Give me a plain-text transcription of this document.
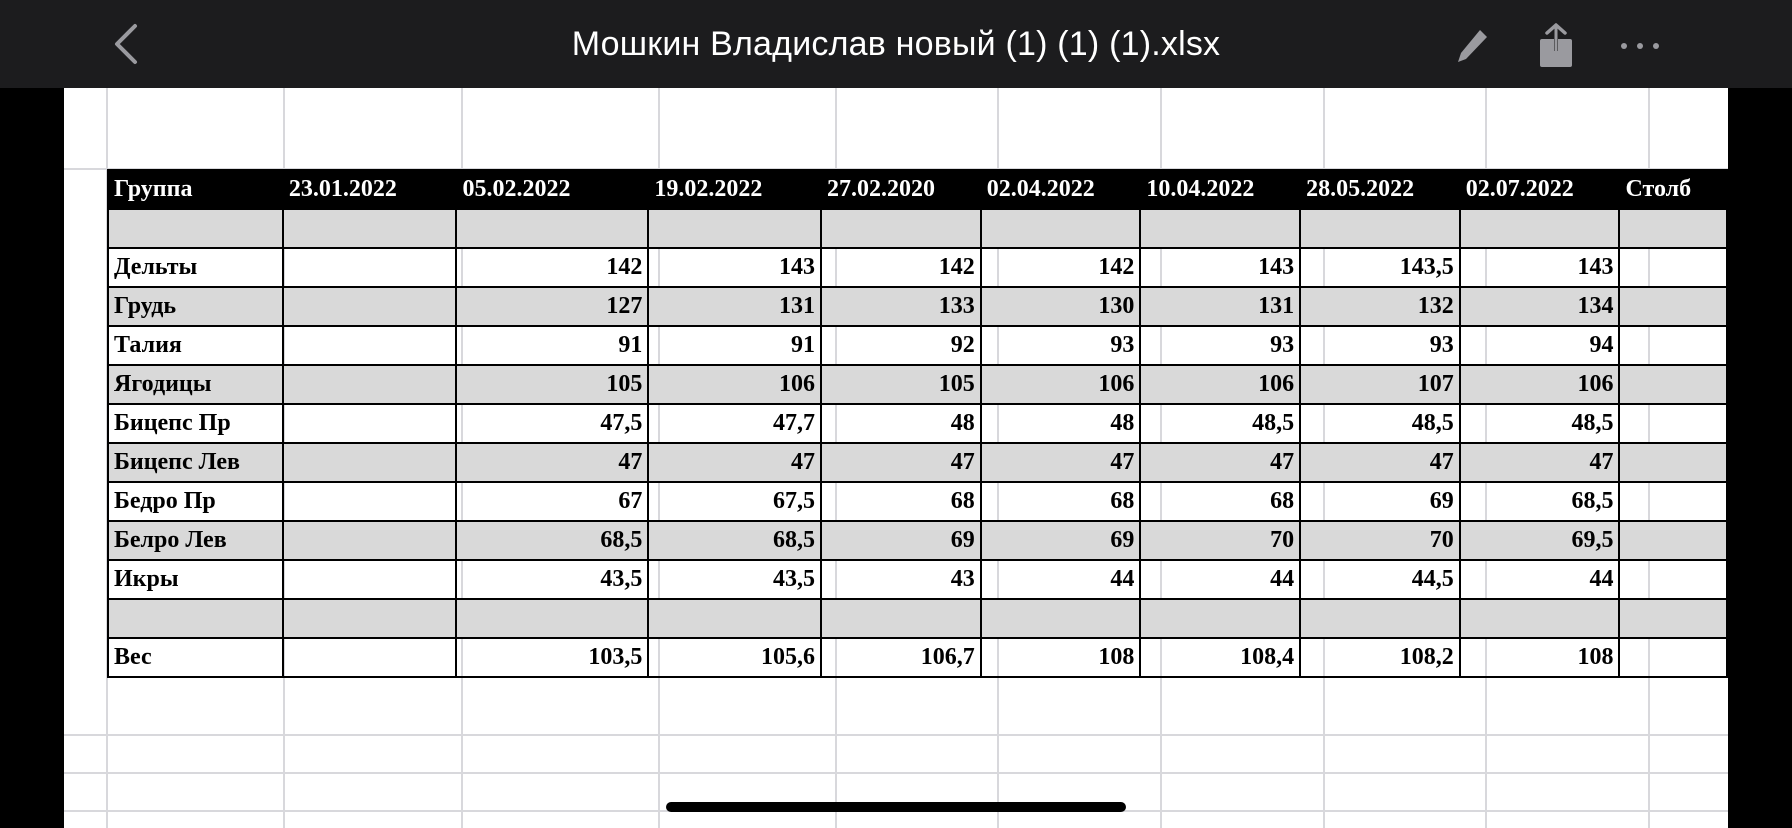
Мошкин Владислав новый (1) (1) (1).xlsx
Группа	23.01.2022	05.02.2022	19.02.2022	27.02.2020	02.04.2022	10.04.2022	28.05.2022	02.07.2022	Столб

Дельты		142	143	142	142	143	143,5	143	
Грудь		127	131	133	130	131	132	134	
Талия		91	91	92	93	93	93	94	
Ягодицы		105	106	105	106	106	107	106	
Бицепс Пр		47,5	47,7	48	48	48,5	48,5	48,5	
Бицепс Лев		47	47	47	47	47	47	47	
Бедро Пр		67	67,5	68	68	68	69	68,5	
Белро Лев		68,5	68,5	69	69	70	70	69,5	
Икры		43,5	43,5	43	44	44	44,5	44	

Вес		103,5	105,6	106,7	108	108,4	108,2	108	
